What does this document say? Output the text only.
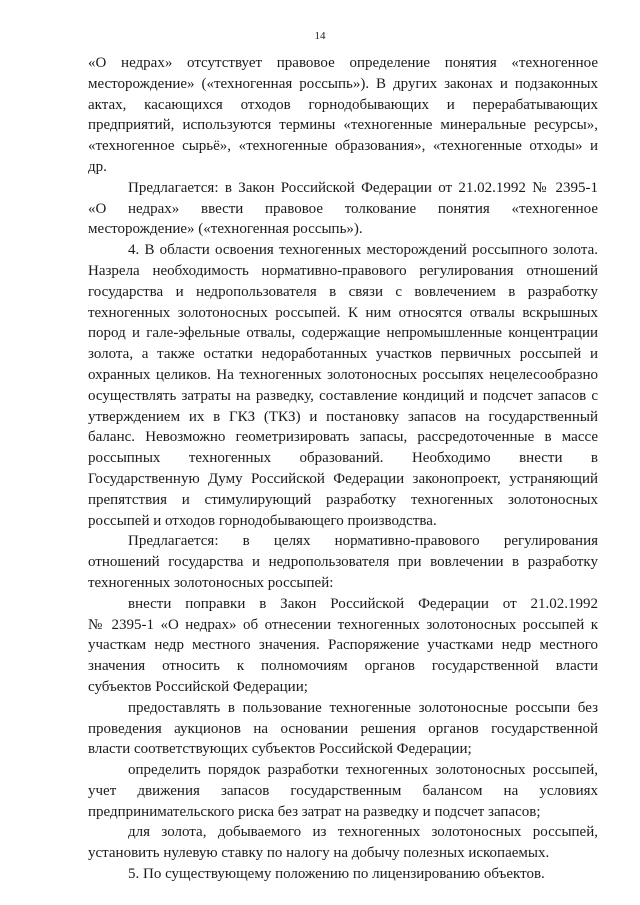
14

«О недрах» отсутствует правовое определение понятия «техногенное
месторождение» («техногенная россыпь»). В других законах и подзаконных
актах, касающихся отходов горнодобывающих и перерабатывающих
предприятий, используются термины «техногенные минеральные ресурсы»,
«техногенное сырьё», «техногенные образования», «техногенные отходы» и
др.

Предлагается: в Закон Российской Федерации от 21.02.1992 № 2395-1
«О недрах» ввести правовое толкование понятия «техногенное
месторождение» («техногенная россыпь»).

4. В области освоения техногенных месторождений россыпного золота.
Назрела необходимость нормативно-правового регулирования отношений
государства и недропользователя в связи с вовлечением в разработку
техногенных золотоносных россыпей. К ним относятся отвалы вскрышных
пород и гале-эфельные отвалы, содержащие непромышленные концентрации
золота, а также остатки недоработанных участков первичных россыпей и
охранных целиков. На техногенных золотоносных россыпях нецелесообразно
осуществлять затраты на разведку, составление кондиций и подсчет запасов с
утверждением их в ГКЗ (ТКЗ) и постановку запасов на государственный
баланс. Невозможно геометризировать запасы, рассредоточенные в массе
россыпных техногенных образований. Необходимо внести в
Государственную Думу Российской Федерации законопроект, устраняющий
препятствия и стимулирующий разработку техногенных золотоносных
россыпей и отходов горнодобывающего производства.

Предлагается: в целях нормативно-правового регулирования
отношений государства и недропользователя при вовлечении в разработку
техногенных золотоносных россыпей:

внести поправки в Закон Российской Федерации от 21.02.1992
№ 2395-1 «О недрах» об отнесении техногенных золотоносных россыпей к
участкам недр местного значения. Распоряжение участками недр местного
значения относить к полномочиям органов государственной власти
субъектов Российской Федерации;

предоставлять в пользование техногенные золотоносные россыпи без
проведения аукционов на основании решения органов государственной
власти соответствующих субъектов Российской Федерации;

определить порядок разработки техногенных золотоносных россыпей,
учет движения запасов государственным балансом на условиях
предпринимательского риска без затрат на разведку и подсчет запасов;

для золота, добываемого из техногенных золотоносных россыпей,
установить нулевую ставку по налогу на добычу полезных ископаемых.

5. По существующему положению по лицензированию объектов.
